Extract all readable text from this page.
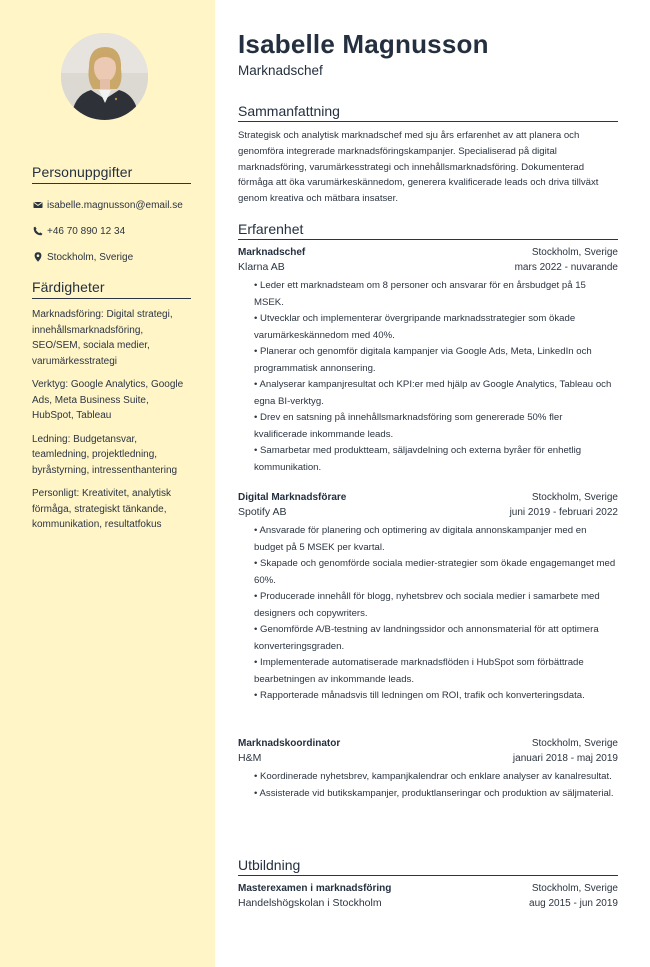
Personuppgifter
isabelle.magnusson@email.se
+46 70 890 12 34
Stockholm, Sverige
Färdigheter
Marknadsföring: Digital strategi, innehållsmarknadsföring, SEO/SEM, sociala medier, varumärkesstrategi
Verktyg: Google Analytics, Google Ads, Meta Business Suite, HubSpot, Tableau
Ledning: Budgetansvar, teamledning, projektledning, byråstyrning, intressenthantering
Personligt: Kreativitet, analytisk förmåga, strategiskt tänkande, kommunikation, resultatfokus
Isabelle Magnusson
Marknadschef
Sammanfattning
Strategisk och analytisk marknadschef med sju års erfarenhet av att planera och genomföra integrerade marknadsföringskampanjer. Specialiserad på digital marknadsföring, varumärkesstrategi och innehållsmarknadsföring. Dokumenterad förmåga att öka varumärkeskännedom, generera kvalificerade leads och driva tillväxt genom kreativa och mätbara insatser.
Erfarenhet
Marknadschef	Stockholm, Sverige
Klarna AB	mars 2022 - nuvarande
• Leder ett marknadsteam om 8 personer och ansvarar för en årsbudget på 15 MSEK.
• Utvecklar och implementerar övergripande marknadsstrategier som ökade varumärkeskännedom med 40%.
• Planerar och genomför digitala kampanjer via Google Ads, Meta, LinkedIn och programmatisk annonsering.
• Analyserar kampanjresultat och KPI:er med hjälp av Google Analytics, Tableau och egna BI-verktyg.
• Drev en satsning på innehållsmarknadsföring som genererade 50% fler kvalificerade inkommande leads.
• Samarbetar med produktteam, säljavdelning och externa byråer för enhetlig kommunikation.
Digital Marknadsförare	Stockholm, Sverige
Spotify AB	juni 2019 - februari 2022
• Ansvarade för planering och optimering av digitala annonskampanjer med en budget på 5 MSEK per kvartal.
• Skapade och genomförde sociala medier-strategier som ökade engagemanget med 60%.
• Producerade innehåll för blogg, nyhetsbrev och sociala medier i samarbete med designers och copywriters.
• Genomförde A/B-testning av landningssidor och annonsmaterial för att optimera konverteringsgraden.
• Implementerade automatiserade marknadsflöden i HubSpot som förbättrade bearbetningen av inkommande leads.
• Rapporterade månadsvis till ledningen om ROI, trafik och konverteringsdata.
Marknadskoordinator	Stockholm, Sverige
H&M	januari 2018 - maj 2019
• Koordinerade nyhetsbrev, kampanjkalendrar och enklare analyser av kanalresultat.
• Assisterade vid butikskampanjer, produktlanseringar och produktion av säljmaterial.
Utbildning
Masterexamen i marknadsföring	Stockholm, Sverige
Handelshögskolan i Stockholm	aug 2015 - jun 2019
